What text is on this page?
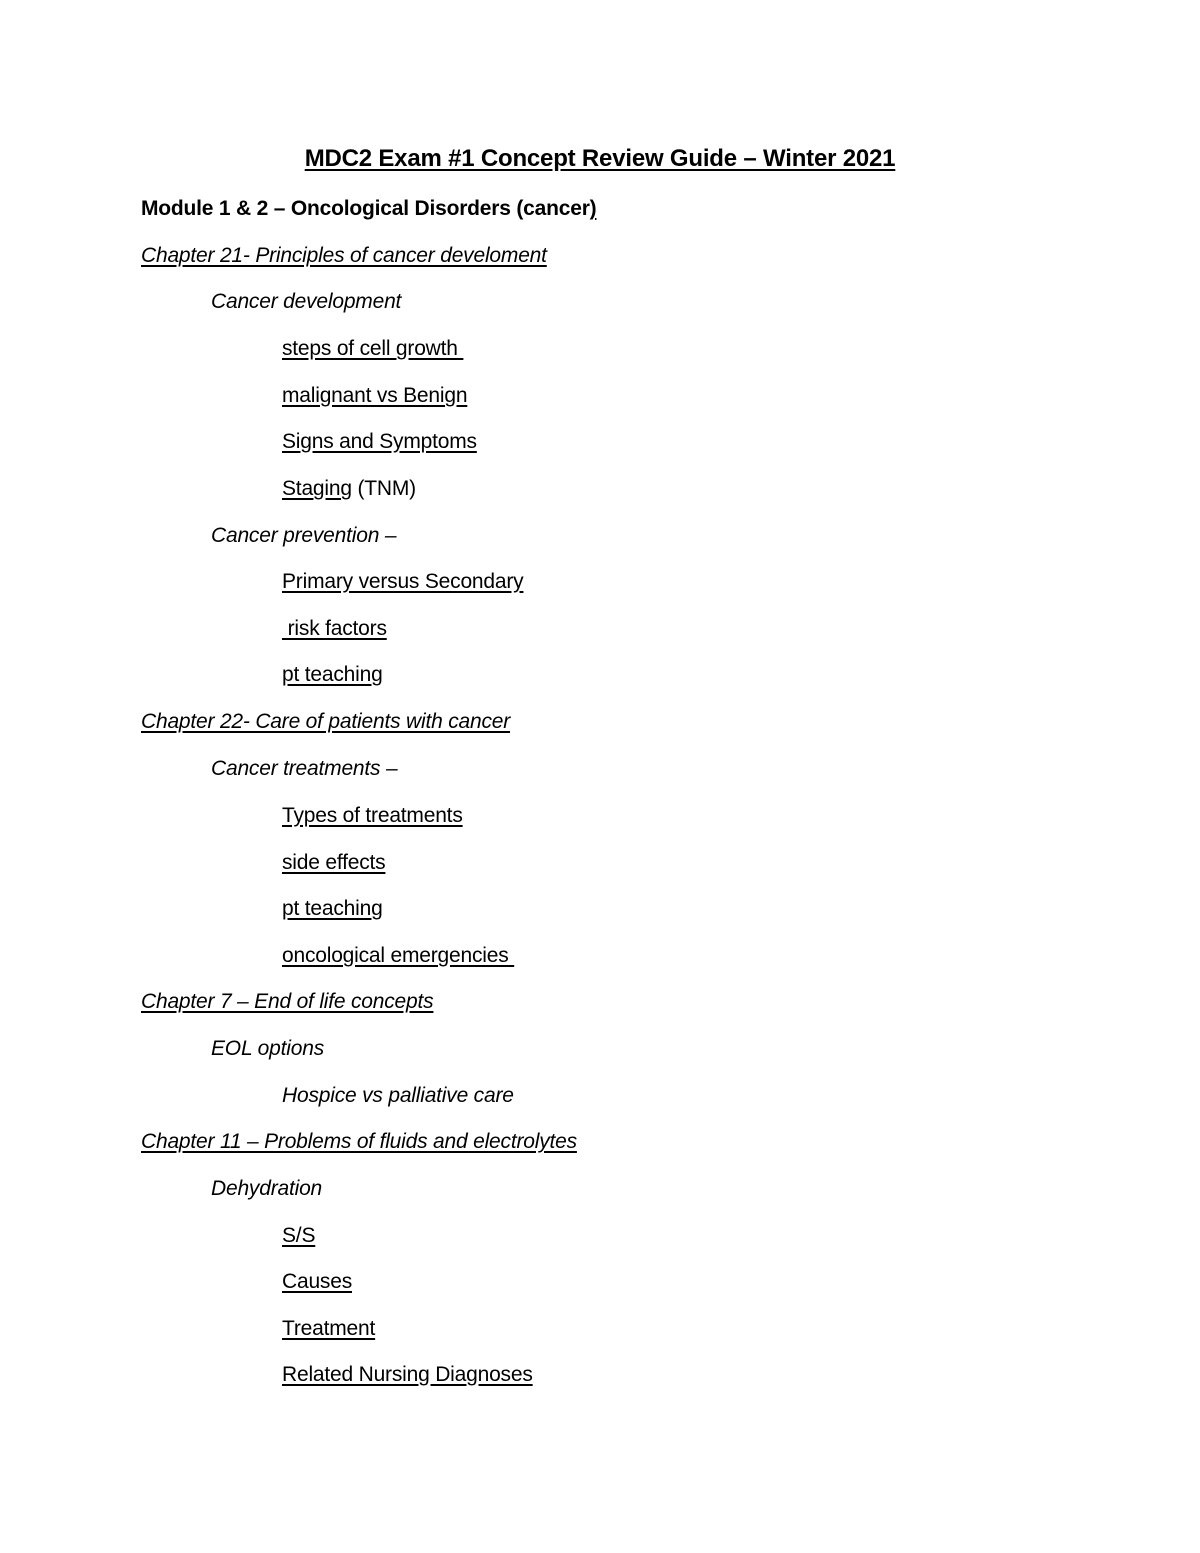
MDC2 Exam #1 Concept Review Guide – Winter 2021
Module 1 & 2 – Oncological Disorders (cancer)
Chapter 21- Principles of cancer develoment
Cancer development
steps of cell growth
malignant vs Benign
Signs and Symptoms
Staging (TNM)
Cancer prevention –
Primary versus Secondary
risk factors
pt teaching
Chapter 22- Care of patients with cancer
Cancer treatments –
Types of treatments
side effects
pt teaching
oncological emergencies
Chapter 7 – End of life concepts
EOL options
Hospice vs palliative care
Chapter 11 – Problems of fluids and electrolytes
Dehydration
S/S
Causes
Treatment
Related Nursing Diagnoses
